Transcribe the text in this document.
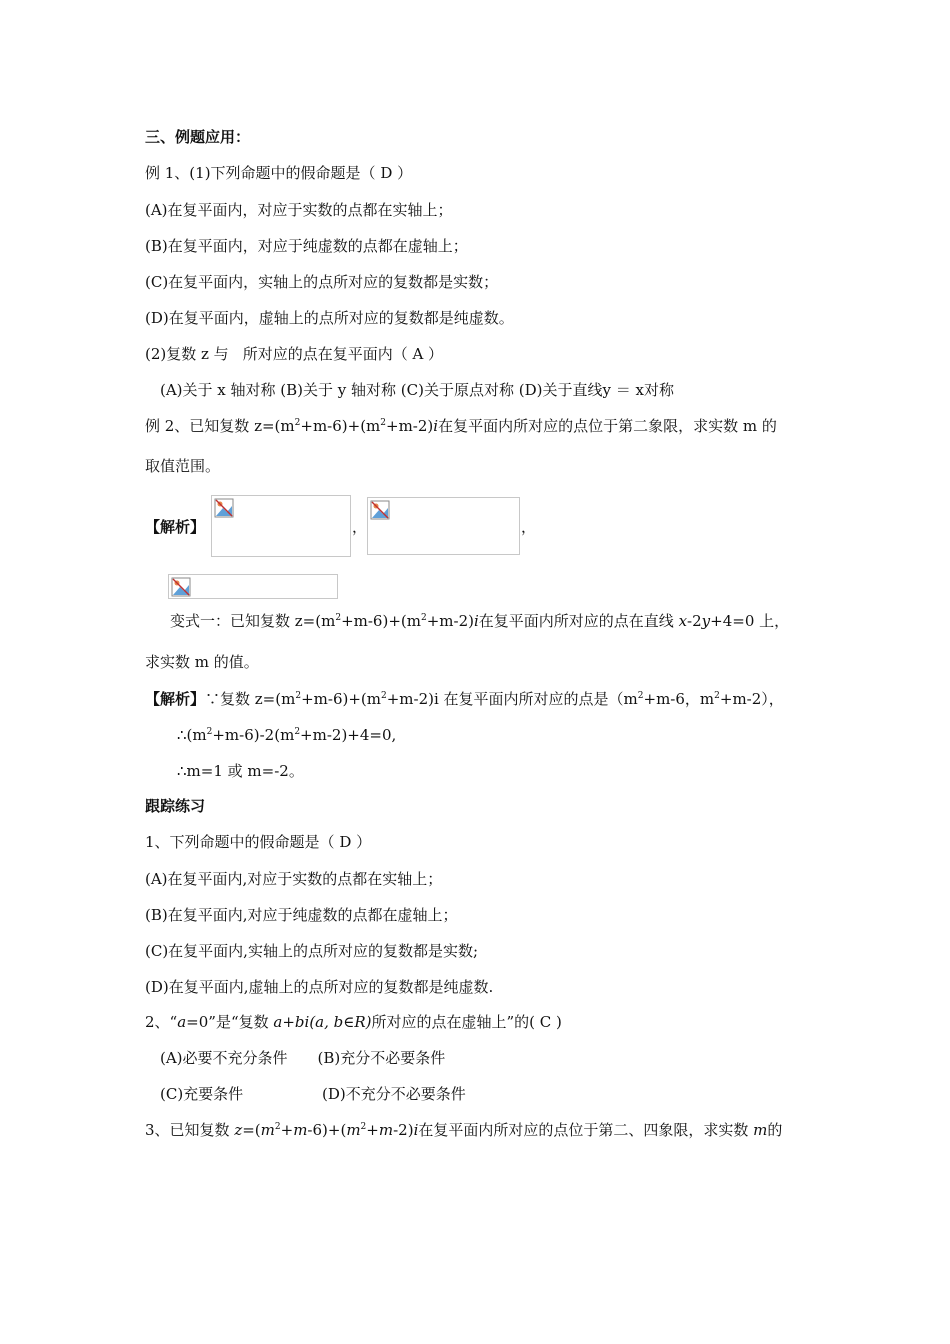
三、例题应用：
例 1、(1)下列命题中的假命题是（ D ）
(A)在复平面内，对应于实数的点都在实轴上；
(B)在复平面内，对应于纯虚数的点都在虚轴上；
(C)在复平面内，实轴上的点所对应的复数都是实数；
(D)在复平面内，虚轴上的点所对应的复数都是纯虚数。
(2)复数 z 与 所对应的点在复平面内（ A ）
(A)关于 x 轴对称 (B)关于 y 轴对称 (C)关于原点对称 (D)关于直线y ＝ x对称
例 2、已知复数 $z=(m^2+m-6)+(m^2+m-2)i$在复平面内所对应的点位于第二象限，求实数 m 的
取值范围。
【解析】	，	，
变式一：已知复数 $z=(m^2+m-6)+(m^2+m-2)i$在复平面内所对应的点在直线 x-2y+4=0 上，
求实数 m 的值。
【解析】∵复数 $z=(m^2+m-6)+(m^2+m-2)i$ 在复平面内所对应的点是（$m^2+m-6$，$m^2+m-2$），
$\therefore(m^2+m-6)-2(m^2+m-2)+4=0$,
∴m=1 或 m=-2。
跟踪练习
1、下列命题中的假命题是（ D ）
(A)在复平面内,对应于实数的点都在实轴上；
(B)在复平面内,对应于纯虚数的点都在虚轴上；
(C)在复平面内,实轴上的点所对应的复数都是实数;
(D)在复平面内,虚轴上的点所对应的复数都是纯虚数.
2、“a=0”是“复数 a+bi(a, b∈R)所对应的点在虚轴上”的( C )
(A)必要不充分条件 (B)充分不必要条件
(C)充要条件	(D)不充分不必要条件
3、已知复数 $z=(m^2+m-6)+(m^2+m-2)i$在复平面内所对应的点位于第二、四象限，求实数 m的
